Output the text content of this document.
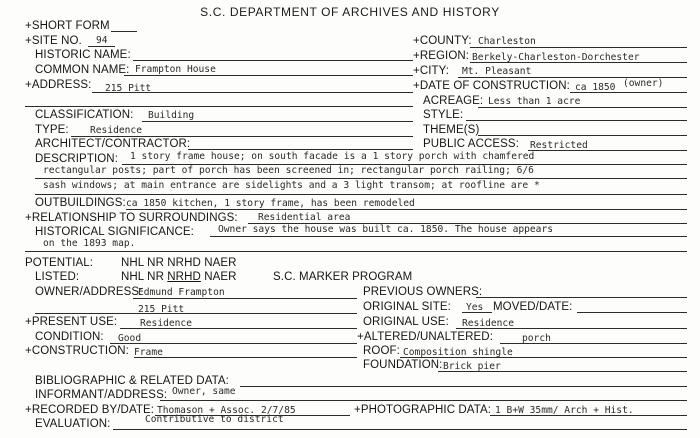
S.C. DEPARTMENT OF ARCHIVES AND HISTORY
+SHORT FORM
+SITE NO. 94
HISTORIC NAME:
COMMON NAME: Frampton House
+ADDRESS: 215 Pitt
CLASSIFICATION: Building
TYPE: Residence
ARCHITECT/CONTRACTOR:
DESCRIPTION: 1 story frame house; on south facade is a 1 story porch with chamfered
rectangular posts; part of porch has been screened in; rectangular porch railing; 6/6
sash windows; at main entrance are sidelights and a 3 light transom; at roofline are *
OUTBUILDINGS: ca 1850 kitchen, 1 story frame, has been remodeled
+RELATIONSHIP TO SURROUNDINGS: Residential area
HISTORICAL SIGNIFICANCE:	Owner says the house was built ca. 1850. The house appears
on the 1893 map.
POTENTIAL: NHL NR NRHD NAER
LISTED:	NHL NR NRHD NAER	S.C. MARKER PROGRAM
OWNER/ADDRESS:
Edmund Frampton
215 Pitt
+PRESENT USE: Residence
CONDITION: Good
+CONSTRUCTION: Frame
BIBLIOGRAPHIC & RELATED DATA:
INFORMANT/ADDRESS: Owner, same
+RECORDED BY/DATE: Thomason + Assoc. 2/7/85
EVALUATION:	Contributive to district
+COUNTY: Charleston
+REGION: Berkely-Charleston-Dorchester
+CITY: Mt. Pleasant
+DATE OF CONSTRUCTION: ca 1850 (owner)
ACREAGE: Less than 1 acre
STYLE:
THEME(S)
PUBLIC ACCESS: Restricted
PREVIOUS OWNERS:
ORIGINAL SITE: Yes MOVED/DATE:
ORIGINAL USE: Residence
+ALTERED/UNALTERED:	porch
ROOF: Composition shingle
FOUNDATION: Brick pier
+PHOTOGRAPHIC DATA: 1 B+W 35mm/ Arch + Hist.
